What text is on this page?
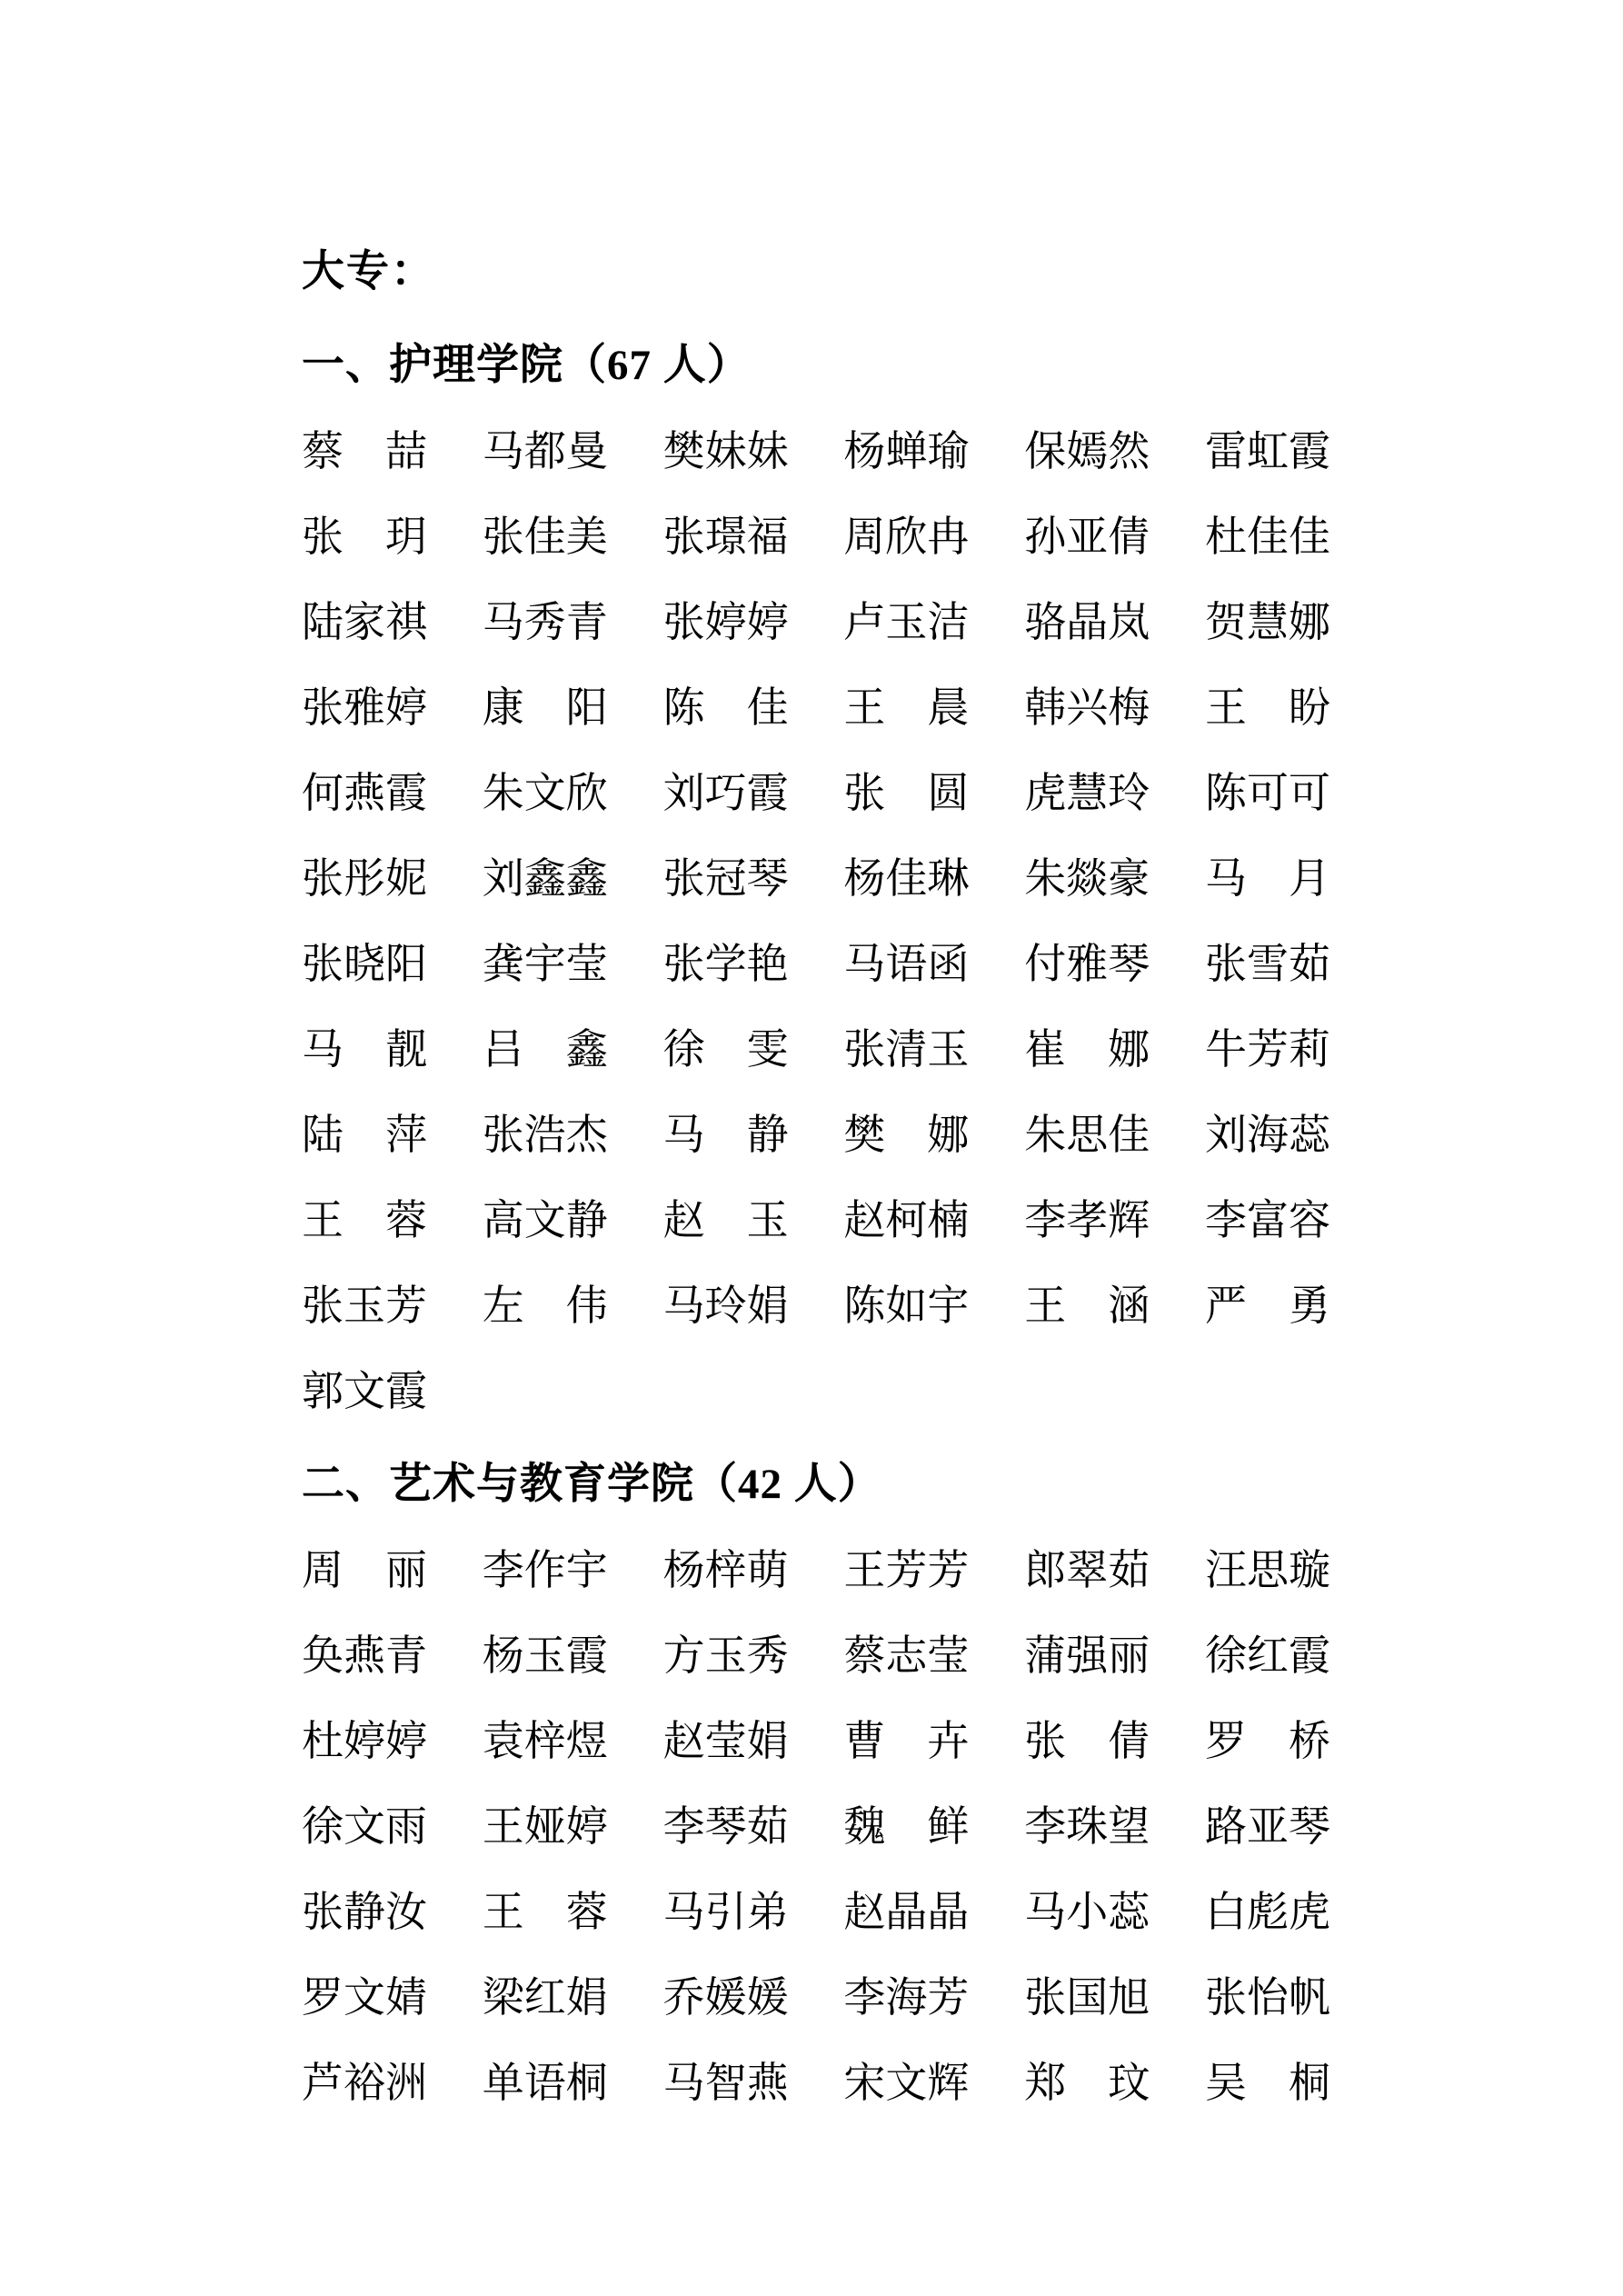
大专：
一、护理学院（67 人）
蔡　喆 马都曼 樊妹妹 杨蝉瑜 保嫣然 雷虹霞
张　玥 张佳美 张璟福 周欣冉 孙亚倩 杜佳佳
陆家祺 马秀青 张婷婷 卢玉洁 骆晶岚 贺慧娜
张雅婷 康　阳 陈　佳 王　晨 韩兴梅 王　盼
何燕霞 朱文欣 刘巧霞 张　圆 虎慧玲 陈可可
张彤妮 刘鑫鑫 张冠琴 杨佳琳 朱燚豪 马　月
张晓阳 龚宇莹 张学艳 马语函 付雅琴 张雪茹
马　靓 吕　鑫 徐　雯 张清玉 崔　娜 牛芳莉
陆　萍 张浩杰 马　静 樊　娜 朱思佳 刘海蕊
王　蓉 高文静 赵　玉 赵柯楠 李孝辉 李富容
张玉芳 左　伟 马玲娟 陈如宇 王　涵 严　勇
郭文霞
二、艺术与教育学院（42 人）
周　丽 李作宇 杨梓萌 王芳芳 郎翠茹 汪思璇
奂燕青 杨玉霞 方玉秀 蔡志莹 蒲强丽 徐红霞
杜婷婷 袁梓煜 赵莹娟 曹　卉 张　倩 罗　桥
徐文雨 王娅婷 李琴茹 魏　鲜 李珠望 路亚琴
张静汝 王　蓉 马引弟 赵晶晶 马小蕊 白彪虎
罗文婧 梁红娟 乔媛媛 李海芳 张国旭 张怡帆
芦裕洲 单语桐 马智燕 宋文辉 郑　玟 吴　桐
